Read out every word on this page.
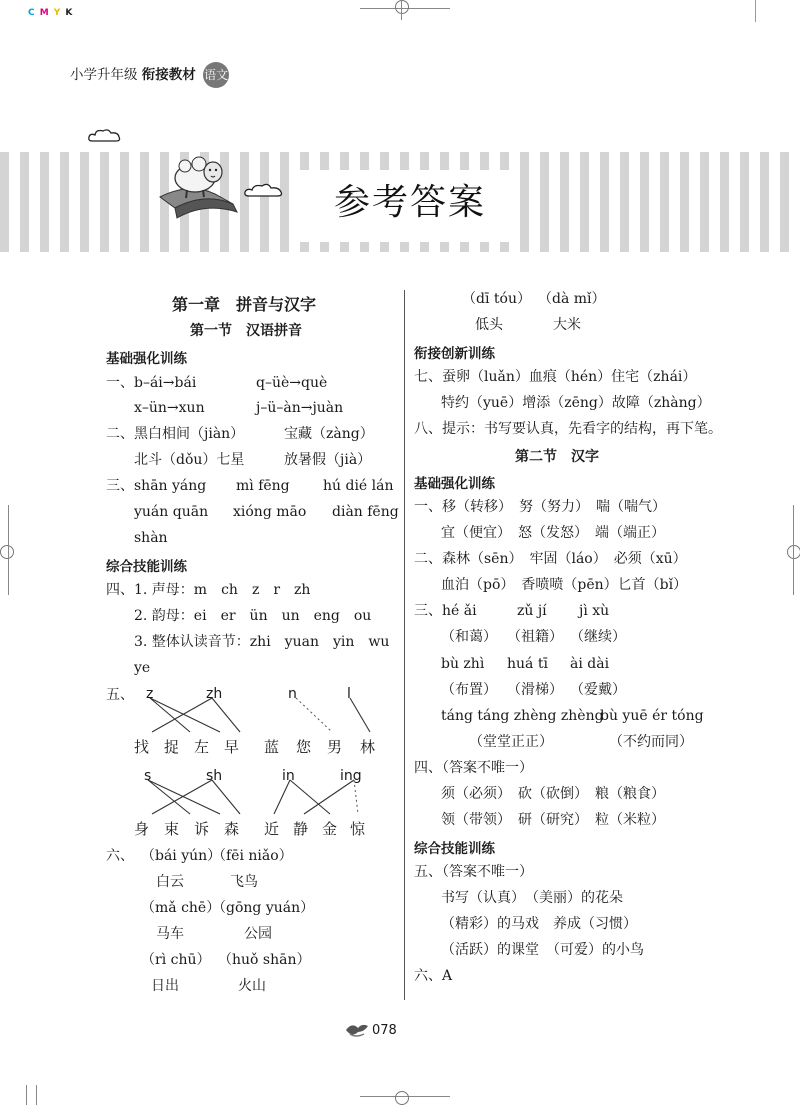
C M Y K
小学升年级 衔接教材 语文
参考答案
第一章　拼音与汉字
第一节　汉语拼音
基础强化训练
一、b–ái→bái	q–üè→què
x–ün→xun	j–ü–àn→juàn
二、黑白相间（jiàn）	宝藏（zàng）
北斗（dǒu）七星	放暑假（jià）
三、shān yáng mì fēng hú dié lán
yuán quān xióng māo diàn fēng
shàn
综合技能训练
四、1. 声母：m　ch　z　r　zh
2. 韵母：ei　er　ün　un　eng　ou
3. 整体认读音节：zhi　yuan　yin　wu
ye
五、 z	zh	n	l
找 捉 左 早 蓝 您 男 林
s	sh	in	ing
身 束 诉 森 近 静 金 惊
六、 （bái yún）
（fēi niǎo）
白云	飞鸟
（mǎ chē）
（gōng yuán）
马车	公园
（rì chū） （huǒ shān）
日出	火山
（dī tóu） （dà mǐ）
低头	大米
衔接创新训练
七、蚕卵（luǎn）血痕（hén）住宅（zhái）
特约（yuē）增添（zēng）故障（zhàng）
八、提示：书写要认真，先看字的结构，再下笔。
第二节　汉字
基础强化训练
一、移（转移）　努（努力）　喘（喘气）
宜（便宜）　怒（发怒）　端（端正）
二、森林（sēn）　牢固（láo）　必须（xū）
血泊（pō）　香喷喷（pēn）匕首（bǐ）
三、hé ǎi	zǔ jí jì xù
（和蔼） （祖籍） （继续）
bù zhì huá tī ài dài
（布置） （滑梯） （爱戴）
táng táng zhèng zhèng
bù yuē ér tóng
（堂堂正正）	（不约而同）
四、（答案不唯一）
须（必须）　砍（砍倒）　粮（粮食）
领（带领）　研（研究）　粒（米粒）
综合技能训练
五、（答案不唯一）
书写（认真）　（美丽）的花朵
（精彩）的马戏　养成（习惯）
（活跃）的课堂　（可爱）的小鸟
六、A
078
